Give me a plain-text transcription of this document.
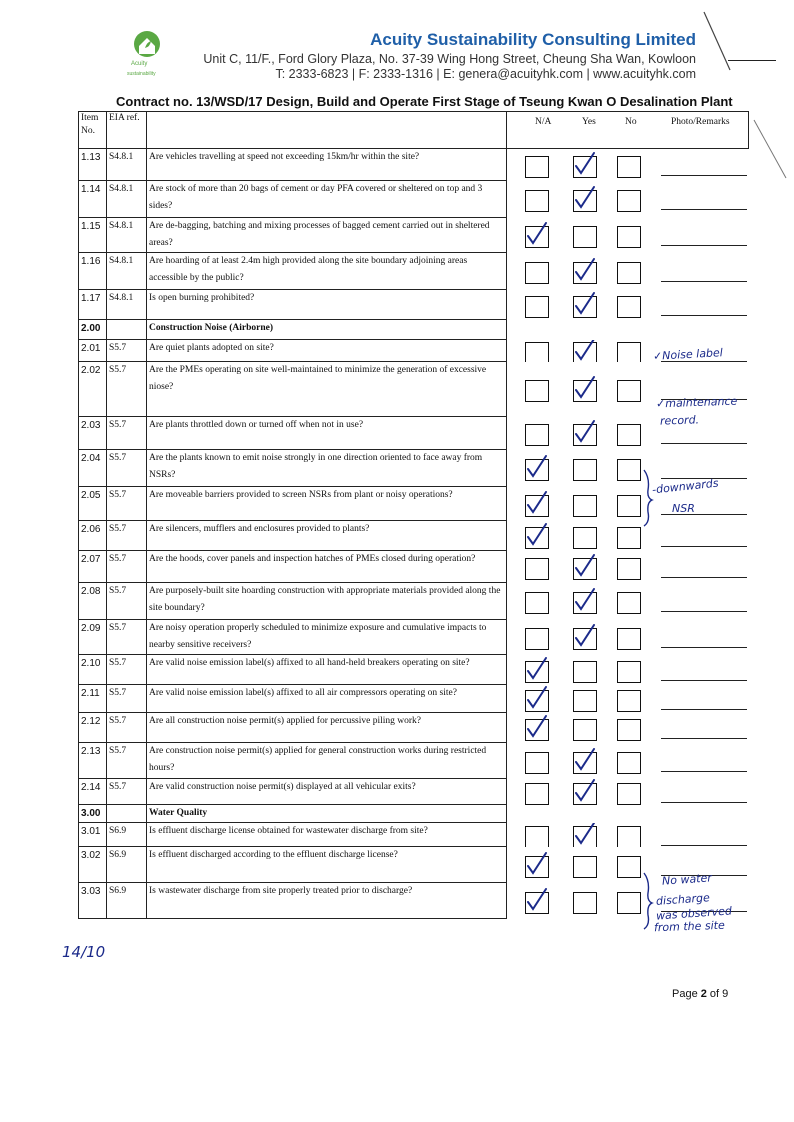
Acuity
sustainability
Acuity Sustainability Consulting Limited
Unit C, 11/F., Ford Glory Plaza, No. 37-39 Wing Hong Street, Cheung Sha Wan, Kowloon
T: 2333-6823 | F: 2333-1316 | E: genera@acuityhk.com | www.acuityhk.com
Contract no. 13/WSD/17 Design, Build and Operate First Stage of Tseung Kwan O Desalination Plant
Item No.	EIA ref.		N/A Yes No Photo/Remarks

1.13	S4.8.1	Are vehicles travelling at speed not exceeding 15km/hr within the site?	

1.14	S4.8.1	Are stock of more than 20 bags of cement or day PFA covered or sheltered on top and 3 sides?	

1.15	S4.8.1	Are de-bagging, batching and mixing processes of bagged cement carried out in sheltered areas?	

1.16	S4.8.1	Are hoarding of at least 2.4m high provided along the site boundary adjoining areas accessible by the public?	

1.17	S4.8.1	Is open burning prohibited?	

2.00		Construction Noise (Airborne)	
2.01	S5.7	Are quiet plants adopted on site?	

2.02	S5.7	Are the PMEs operating on site well-maintained to minimize the generation of excessive niose?	

2.03	S5.7	Are plants throttled down or turned off when not in use?	

2.04	S5.7	Are the plants known to emit noise strongly in one direction oriented to face away from NSRs?	

2.05	S5.7	Are moveable barriers provided to screen NSRs from plant or noisy operations?	

2.06	S5.7	Are silencers, mufflers and enclosures provided to plants?	

2.07	S5.7	Are the hoods, cover panels and inspection hatches of PMEs closed during operation?	

2.08	S5.7	Are purposely-built site hoarding construction with appropriate materials provided along the site boundary?	

2.09	S5.7	Are noisy operation properly scheduled to minimize exposure and cumulative impacts to nearby sensitive receivers?	

2.10	S5.7	Are valid noise emission label(s) affixed to all hand-held breakers operating on site?	

2.11	S5.7	Are valid noise emission label(s) affixed to all air compressors operating on site?	

2.12	S5.7	Are all construction noise permit(s) applied for percussive piling work?	

2.13	S5.7	Are construction noise permit(s) applied for general construction works during restricted hours?	

2.14	S5.7	Are valid construction noise permit(s) displayed at all vehicular exits?	

3.00		Water Quality	
3.01	S6.9	Is effluent discharge license obtained for wastewater discharge from site?	

3.02	S6.9	Is effluent discharged according to the effluent discharge license?	

3.03	S6.9	Is wastewater discharge from site properly treated prior to discharge?	
14/10
Page 2 of 9
✓Noise label
✓maintenance
record.
-downwards
NSR
No water
discharge
was observed
from the site
